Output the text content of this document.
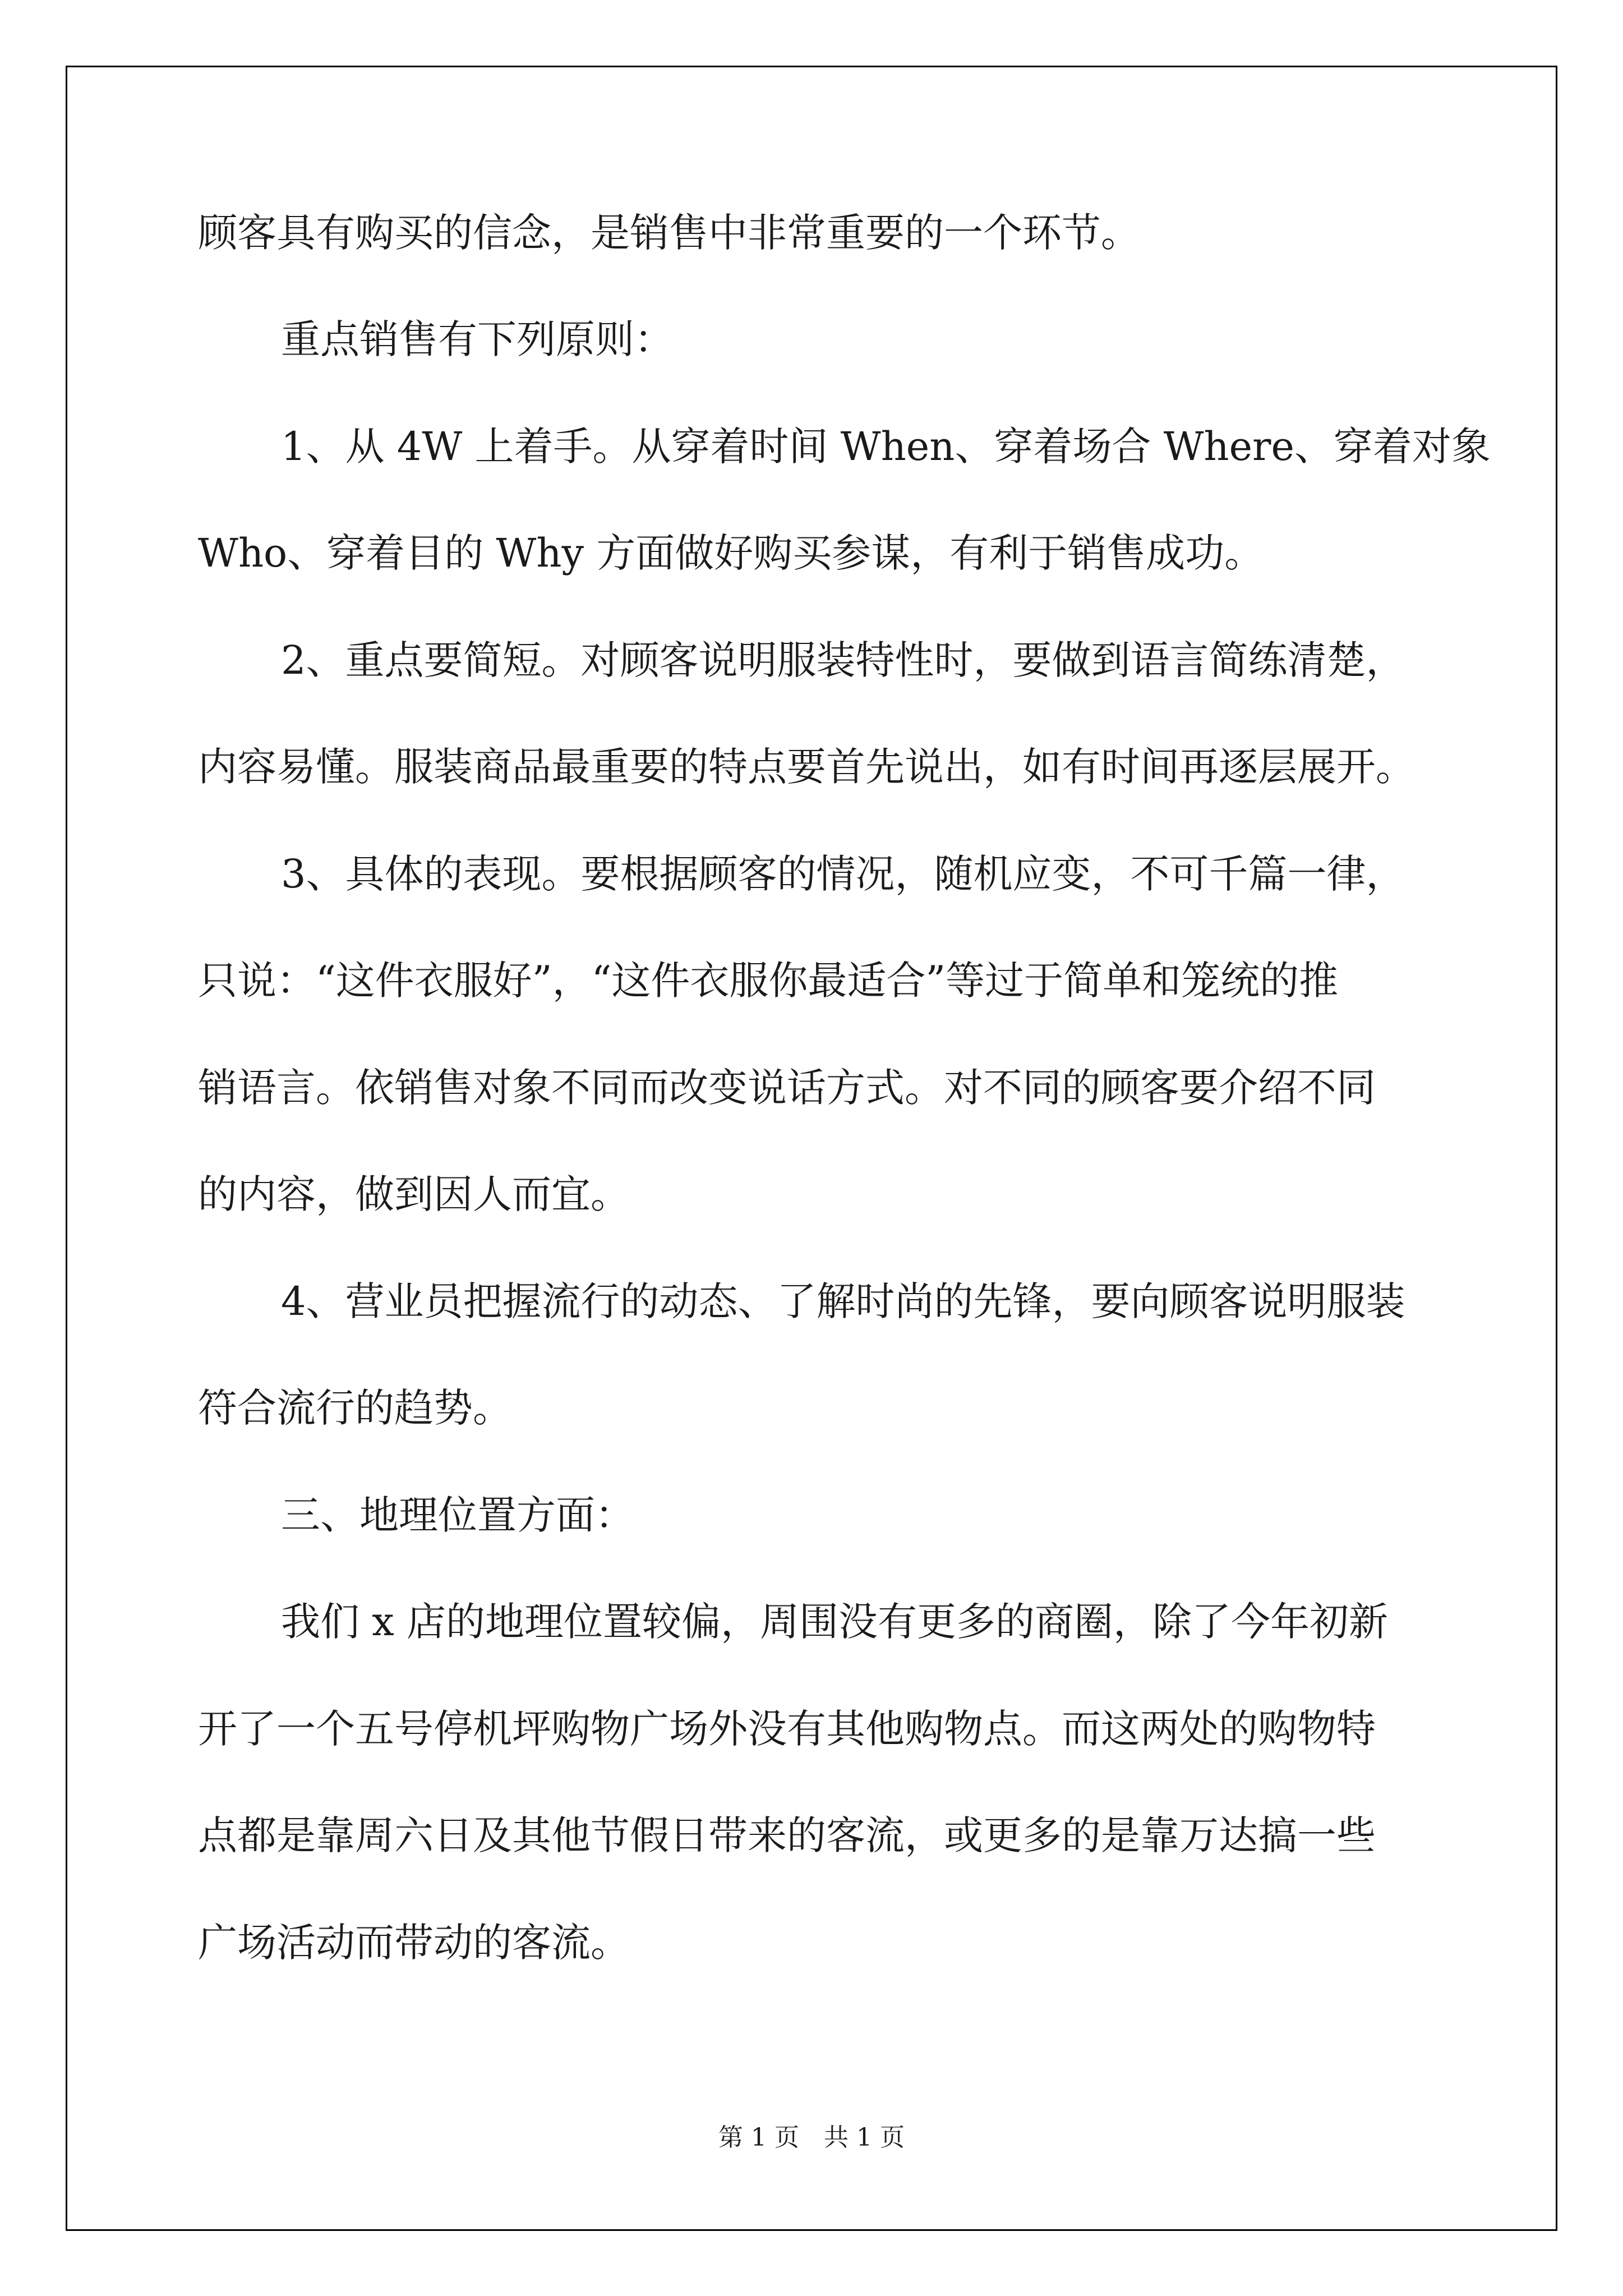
顾客具有购买的信念，是销售中非常重要的一个环节。
重点销售有下列原则：
1、从 4W 上着手。从穿着时间 When、穿着场合 Where、穿着对象
Who、穿着目的 Why 方面做好购买参谋，有利于销售成功。
2、重点要简短。对顾客说明服装特性时，要做到语言简练清楚，
内容易懂。服装商品最重要的特点要首先说出，如有时间再逐层展开。
3、具体的表现。要根据顾客的情况，随机应变，不可千篇一律，
只说：“这件衣服好”，“这件衣服你最适合”等过于简单和笼统的推
销语言。依销售对象不同而改变说话方式。对不同的顾客要介绍不同
的内容，做到因人而宜。
4、营业员把握流行的动态、了解时尚的先锋，要向顾客说明服装
符合流行的趋势。
三、地理位置方面：
我们 x 店的地理位置较偏，周围没有更多的商圈，除了今年初新
开了一个五号停机坪购物广场外没有其他购物点。而这两处的购物特
点都是靠周六日及其他节假日带来的客流，或更多的是靠万达搞一些
广场活动而带动的客流。
第 1 页　共 1 页
